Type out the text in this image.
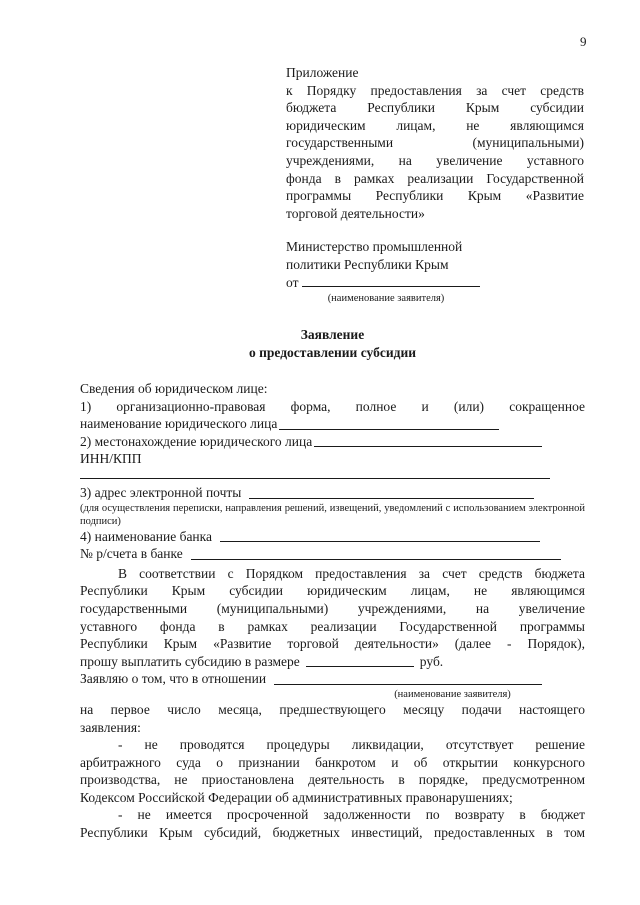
9

Приложение

к Порядку предоставления за счет средств

бюджета Республики Крым субсидии

юридическим лицам, не являющимся

государственными (муниципальными)

учреждениями, на увеличение уставного

фонда в рамках реализации Государственной

программы Республики Крым «Развитие

торговой деятельности»

Министерство промышленной

политики Республики Крым

от

(наименование заявителя)

Заявление

о предоставлении субсидии

Сведения об юридическом лице:

1) организационно-правовая форма, полное и (или) сокращенное

наименование юридического лица

2) местонахождение юридического лица

ИНН/КПП

3) адрес электронной почты

(для осуществления переписки, направления решений, извещений, уведомлений с использованием электронной подписи)

4) наименование банка

№ р/счета в банке

В соответствии с Порядком предоставления за счет средств бюджета

Республики Крым субсидии юридическим лицам, не являющимся

государственными (муниципальными) учреждениями, на увеличение

уставного фонда в рамках реализации Государственной программы

Республики Крым «Развитие торговой деятельности» (далее - Порядок),

прошу выплатить субсидию в размере	руб.

Заявляю о том, что в отношении

(наименование заявителя)

на первое число месяца, предшествующего месяцу подачи настоящего

заявления:

- не проводятся процедуры ликвидации, отсутствует решение

арбитражного суда о признании банкротом и об открытии конкурсного

производства, не приостановлена деятельность в порядке, предусмотренном

Кодексом Российской Федерации об административных правонарушениях;

- не имеется просроченной задолженности по возврату в бюджет

Республики Крым субсидий, бюджетных инвестиций, предоставленных в том
